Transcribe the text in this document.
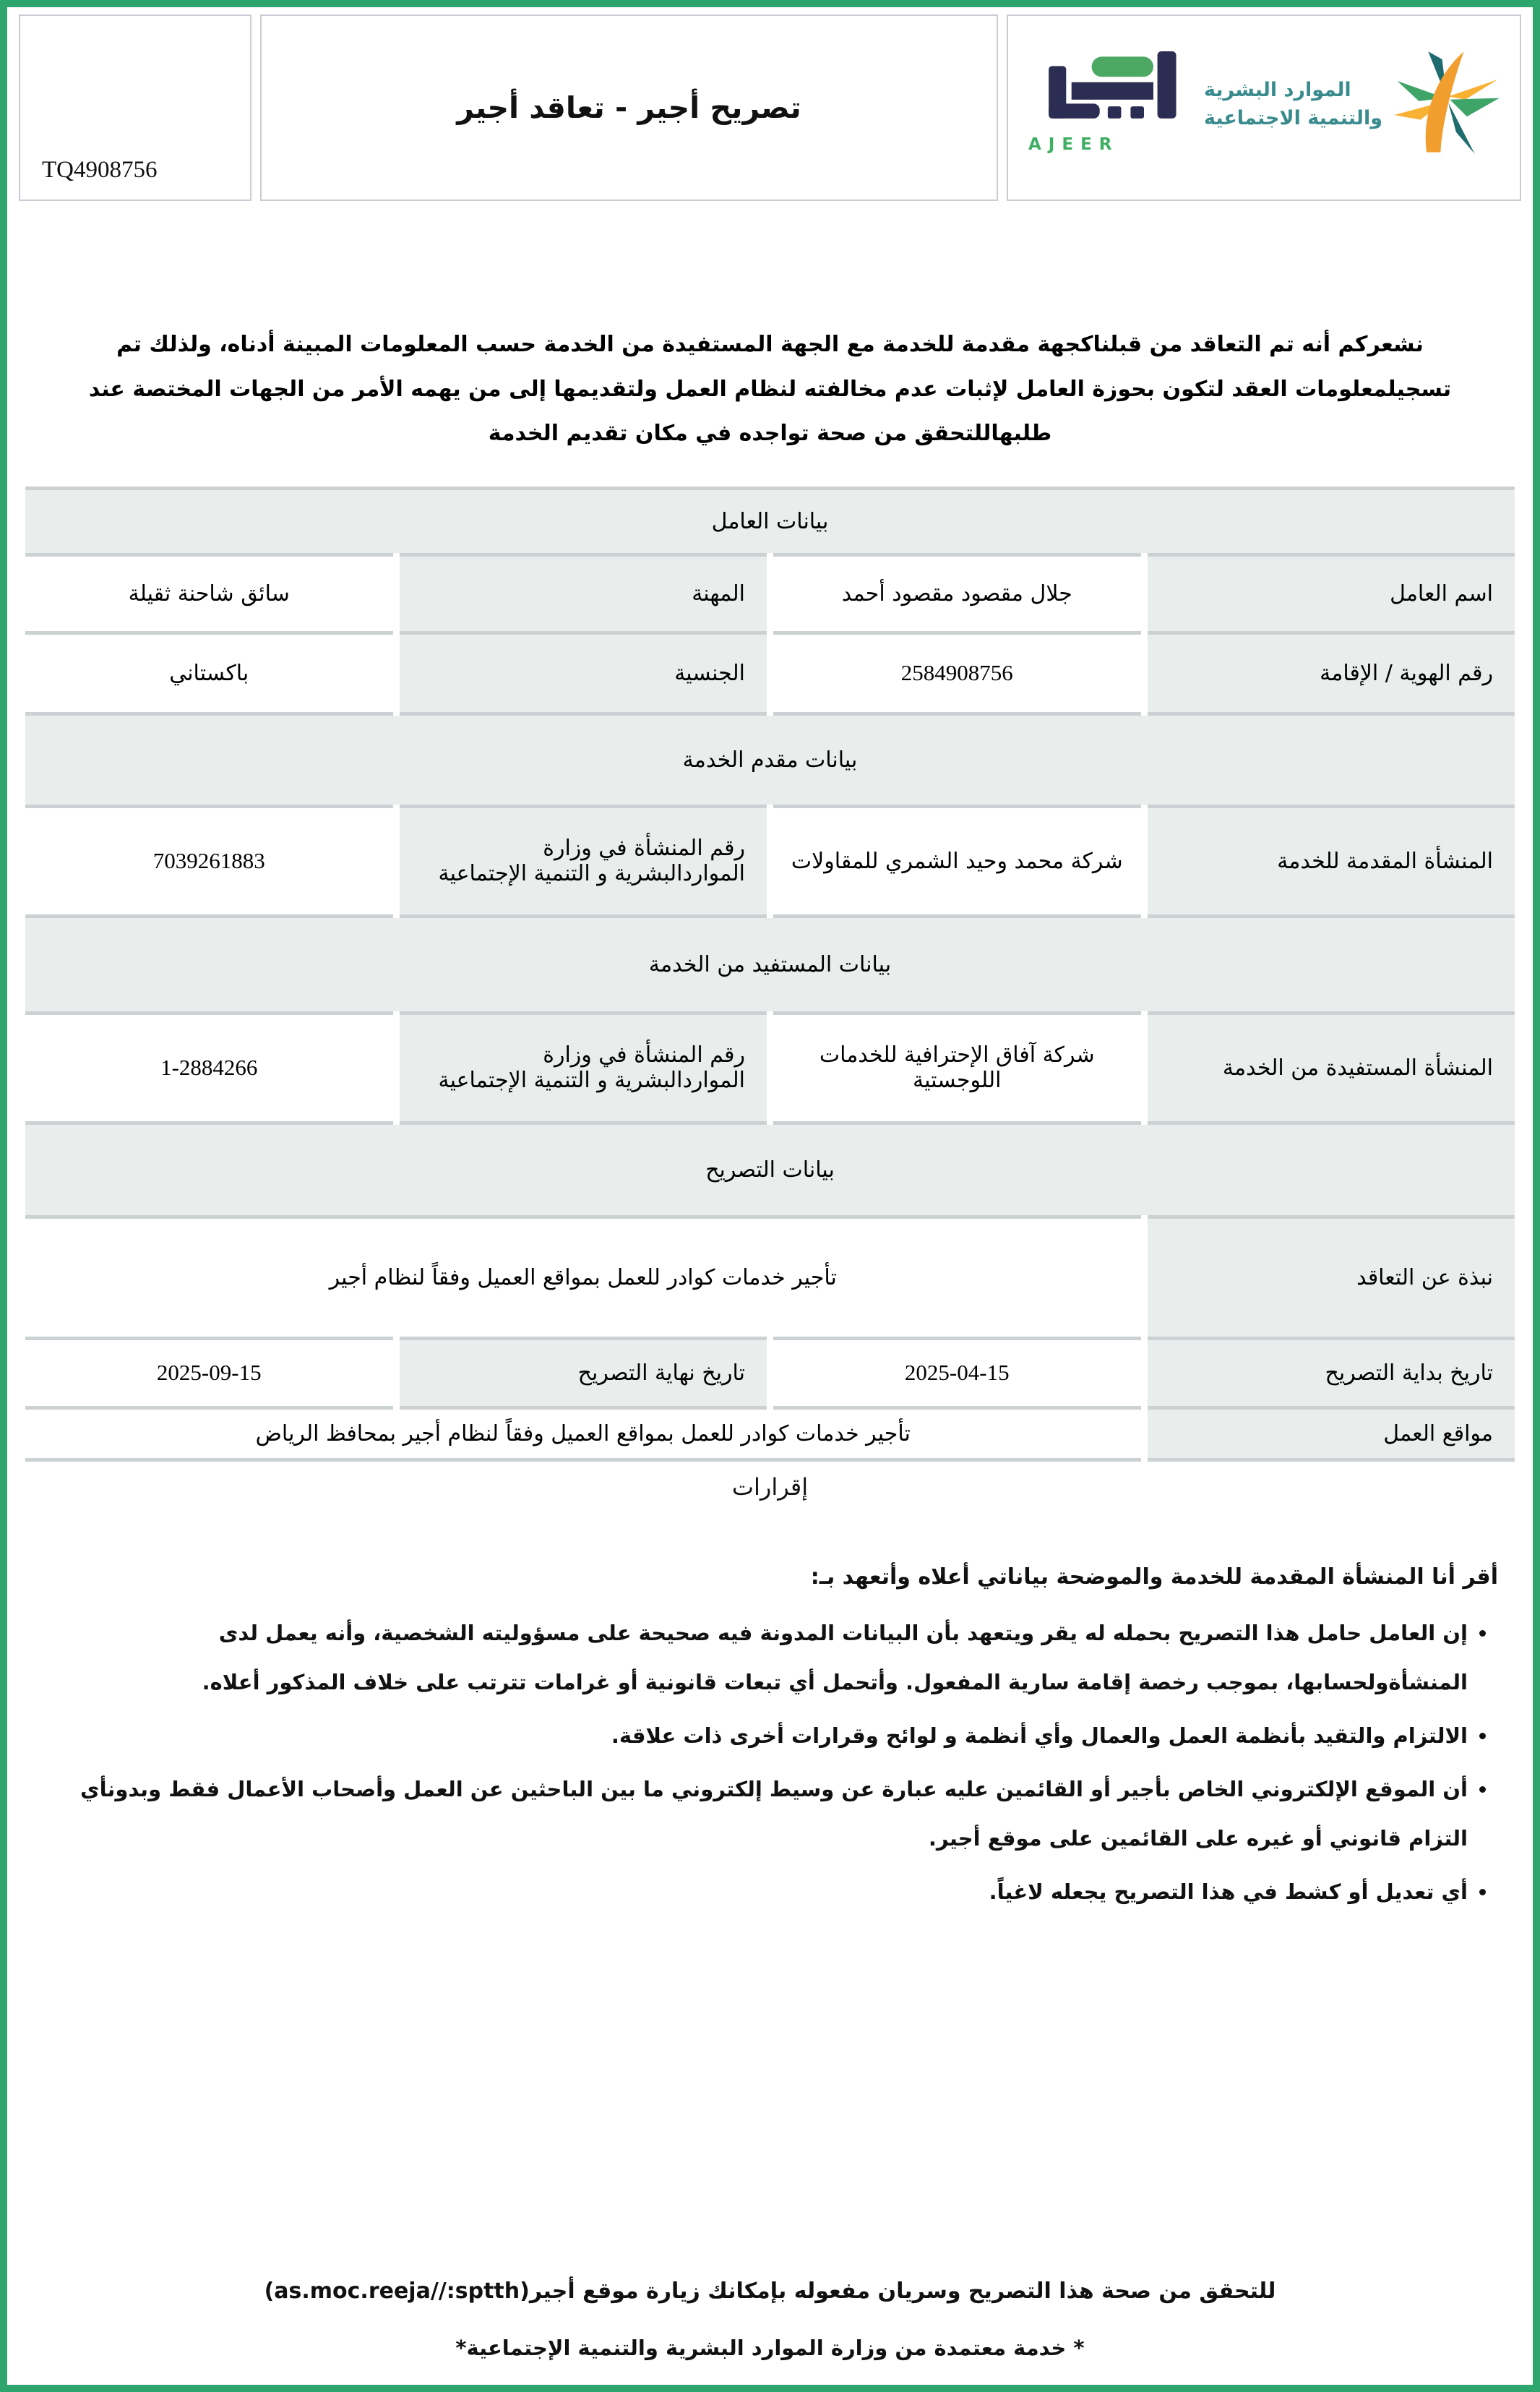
TQ4908756
تصريح أجير - تعاقد أجير
AJEER
الموارد البشرية
والتنمية الاجتماعية

نشعركم أنه تم التعاقد من قبلناكجهة مقدمة للخدمة مع الجهة المستفيدة من الخدمة حسب المعلومات المبينة أدناه، ولذلك تم تسجيلمعلومات العقد لتكون بحوزة العامل لإثبات عدم مخالفته لنظام العمل ولتقديمها إلى من يهمه الأمر من الجهات المختصة عند طلبهاللتحقق من صحة تواجده في مكان تقديم الخدمة

بيانات العامل			
اسم العامل	جلال مقصود مقصود أحمد	المهنة	سائق شاحنة ثقيلة
رقم الهوية / الإقامة	2584908756	الجنسية	باكستاني
بيانات مقدم الخدمة			
المنشأة المقدمة للخدمة	شركة محمد وحيد الشمري للمقاولات	رقم المنشأة في وزارة المواردالبشرية و التنمية الإجتماعية	7039261883
بيانات المستفيد من الخدمة			
المنشأة المستفيدة من الخدمة	شركة آفاق الإحترافية للخدمات اللوجستية	رقم المنشأة في وزارة المواردالبشرية و التنمية الإجتماعية	1-2884266
بيانات التصريح			
نبذة عن التعاقد	تأجير خدمات كوادر للعمل بمواقع العميل وفقاً لنظام أجير		
تاريخ بداية التصريح	2025-04-15	تاريخ نهاية التصريح	2025-09-15
مواقع العمل	تأجير خدمات كوادر للعمل بمواقع العميل وفقاً لنظام أجير بمحافظ الرياض		
إقرارات
أقر أنا المنشأة المقدمة للخدمة والموضحة بياناتي أعلاه وأتعهد بـ:
• إن العامل حامل هذا التصريح بحمله له يقر ويتعهد بأن البيانات المدونة فيه صحيحة على مسؤوليته الشخصية، وأنه يعمل لدى المنشأةولحسابها، بموجب رخصة إقامة سارية المفعول. وأتحمل أي تبعات قانونية أو غرامات تترتب على خلاف المذكور أعلاه.
• الالتزام والتقيد بأنظمة العمل والعمال وأي أنظمة و لوائح وقرارات أخرى ذات علاقة.
• أن الموقع الإلكتروني الخاص بأجير أو القائمين عليه عبارة عن وسيط إلكتروني ما بين الباحثين عن العمل وأصحاب الأعمال فقط وبدونأي التزام قانوني أو غيره على القائمين على موقع أجير.
• أي تعديل أو كشط في هذا التصريح يجعله لاغياً.

للتحقق من صحة هذا التصريح وسريان مفعوله بإمكانك زيارة موقع أجير(as.moc.reeja//:sptth)

* خدمة معتمدة من وزارة الموارد البشرية والتنمية الإجتماعية*
